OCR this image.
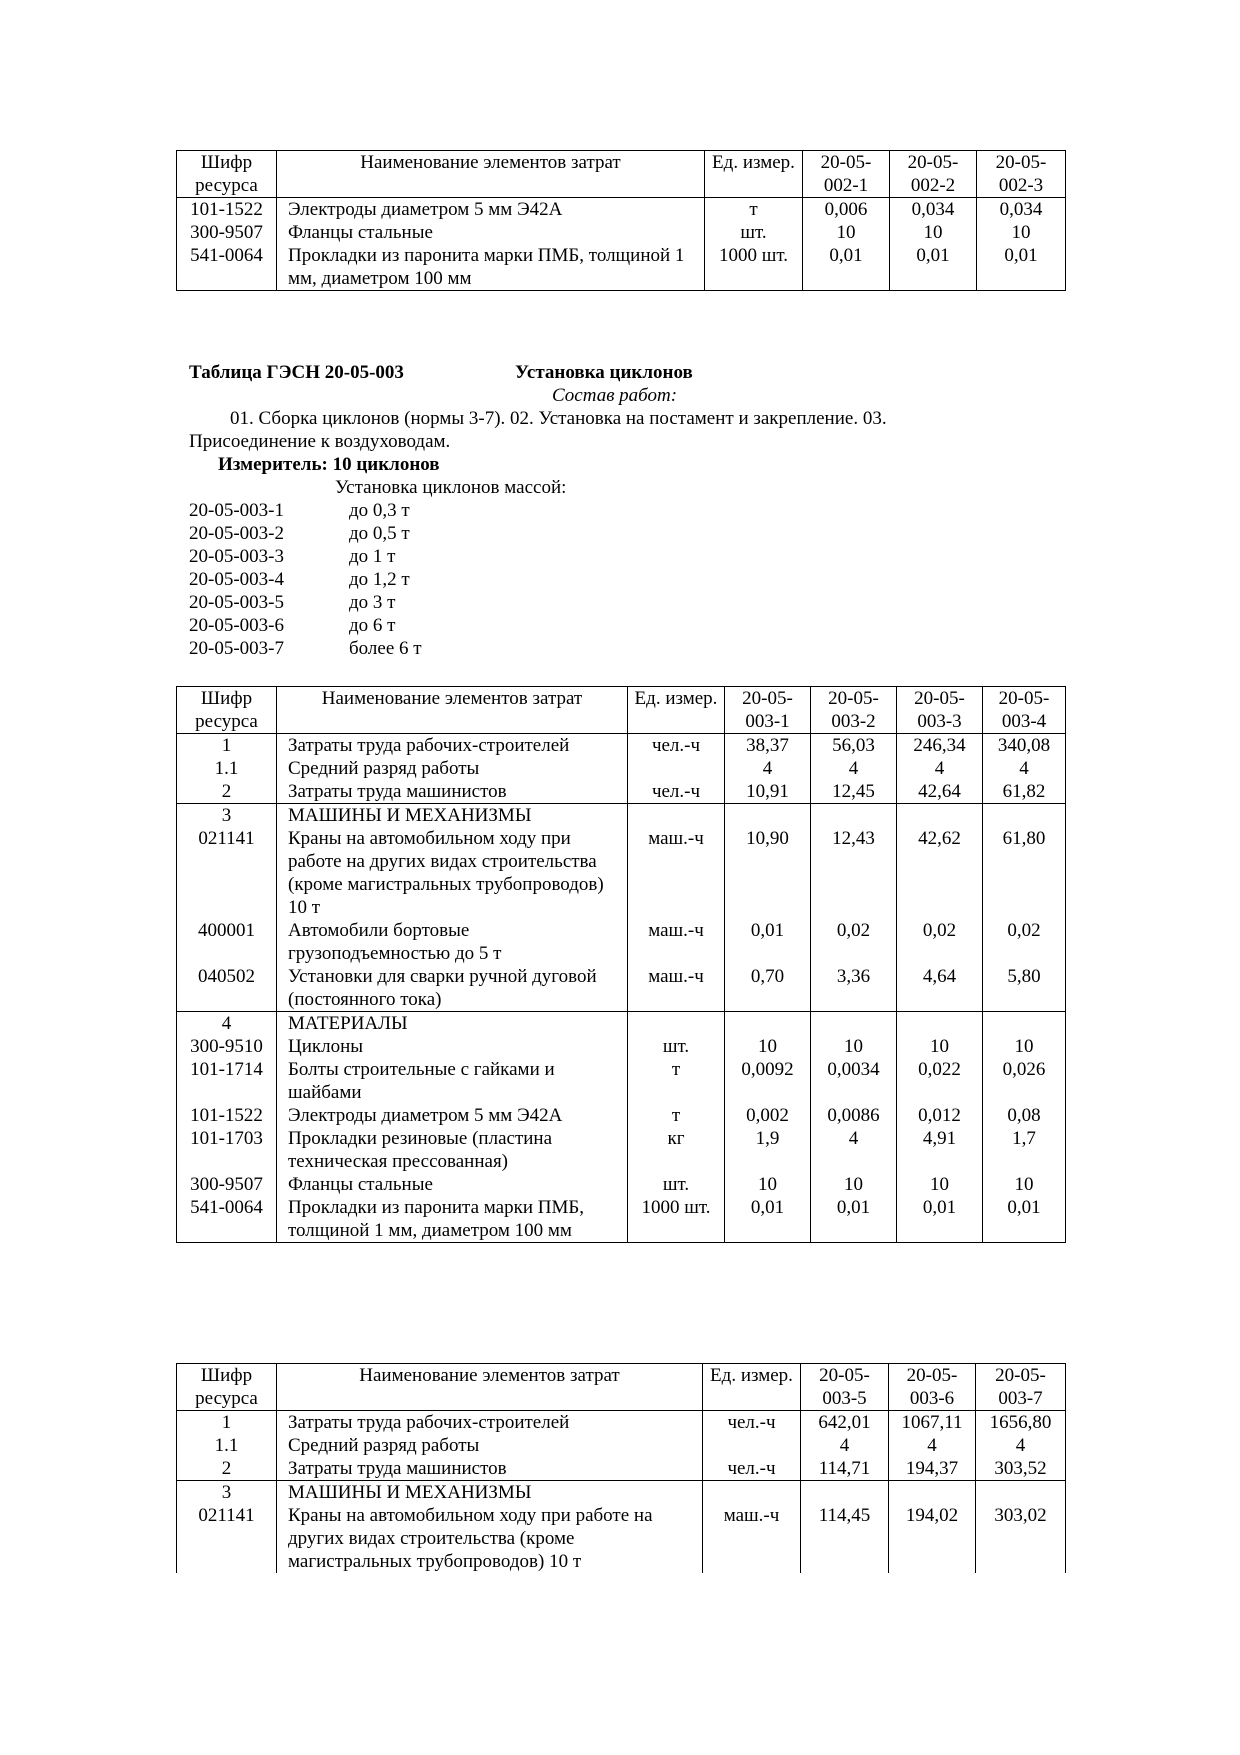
Шифр ресурса	Наименование элементов затрат	Ед. измер.	20-05-002-1	20-05-002-2	20-05-002-3
101-1522	Электроды диаметром 5 мм Э42А	т	0,006	0,034	0,034
300-9507	Фланцы стальные	шт.	10	10	10
541-0064	Прокладки из паронита марки ПМБ, толщиной 1 мм, диаметром 100 мм	1000 шт.	0,01	0,01	0,01
Таблица ГЭСН 20-05-003	Установка циклонов
Состав работ:
01. Сборка циклонов (нормы 3-7). 02. Установка на постамент и закрепление. 03.
Присоединение к воздуховодам.
Измеритель: 10 циклонов
Установка циклонов массой:
20-05-003-1	до 0,3 т
20-05-003-2	до 0,5 т
20-05-003-3	до 1 т
20-05-003-4	до 1,2 т
20-05-003-5	до 3 т
20-05-003-6	до 6 т
20-05-003-7	более 6 т
Шифр ресурса	Наименование элементов затрат	Ед. измер.	20-05-003-1	20-05-003-2	20-05-003-3	20-05-003-4
1	Затраты труда рабочих-строителей	чел.-ч	38,37	56,03	246,34	340,08
1.1	Средний разряд работы		4	4	4	4
2	Затраты труда машинистов	чел.-ч	10,91	12,45	42,64	61,82
3	МАШИНЫ И МЕХАНИЗМЫ					
021141	Краны на автомобильном ходу при работе на других видах строительства (кроме магистральных трубопроводов) 10 т	маш.-ч	10,90	12,43	42,62	61,80
400001	Автомобили бортовые грузоподъемностью до 5 т	маш.-ч	0,01	0,02	0,02	0,02
040502	Установки для сварки ручной дуговой (постоянного тока)	маш.-ч	0,70	3,36	4,64	5,80
4	МАТЕРИАЛЫ					
300-9510	Циклоны	шт.	10	10	10	10
101-1714	Болты строительные с гайками и шайбами	т	0,0092	0,0034	0,022	0,026
101-1522	Электроды диаметром 5 мм Э42А	т	0,002	0,0086	0,012	0,08
101-1703	Прокладки резиновые (пластина техническая прессованная)	кг	1,9	4	4,91	1,7
300-9507	Фланцы стальные	шт.	10	10	10	10
541-0064	Прокладки из паронита марки ПМБ, толщиной 1 мм, диаметром 100 мм	1000 шт.	0,01	0,01	0,01	0,01
Шифр ресурса	Наименование элементов затрат	Ед. измер.	20-05-003-5	20-05-003-6	20-05-003-7
1	Затраты труда рабочих-строителей	чел.-ч	642,01	1067,11	1656,80
1.1	Средний разряд работы		4	4	4
2	Затраты труда машинистов	чел.-ч	114,71	194,37	303,52
3	МАШИНЫ И МЕХАНИЗМЫ				
021141	Краны на автомобильном ходу при работе на других видах строительства (кроме магистральных трубопроводов) 10 т	маш.-ч	114,45	194,02	303,02
